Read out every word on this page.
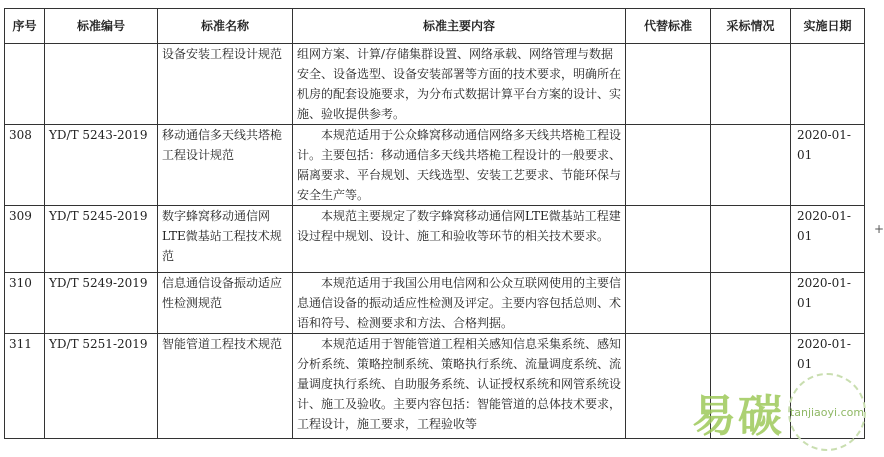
序号	标准编号	标准名称	标准主要内容	代替标准	采标情况	实施日期
		设备安装工程设计规范	组网方案、计算/存储集群设置、网络承载、网络管理与数据安全、设备选型、设备安装部署等方面的技术要求，明确所在机房的配套设施要求，为分布式数据计算平台方案的设计、实施、验收提供参考。			
308	YD/T 5243-2019	移动通信多天线共塔桅工程设计规范	本规范适用于公众蜂窝移动通信网络多天线共塔桅工程设计。主要包括：移动通信多天线共塔桅工程设计的一般要求、隔离要求、平台规划、天线选型、安装工艺要求、节能环保与安全生产等。			2020-01-01
309	YD/T 5245-2019	数字蜂窝移动通信网LTE微基站工程技术规范	本规范主要规定了数字蜂窝移动通信网LTE微基站工程建设过程中规划、设计、施工和验收等环节的相关技术要求。			2020-01-01
310	YD/T 5249-2019	信息通信设备振动适应性检测规范	本规范适用于我国公用电信网和公众互联网使用的主要信息通信设备的振动适应性检测及评定。主要内容包括总则、术语和符号、检测要求和方法、合格判据。			2020-01-01
311	YD/T 5251-2019	智能管道工程技术规范	本规范适用于智能管道工程相关感知信息采集系统、感知分析系统、策略控制系统、策略执行系统、流量调度系统、流量调度执行系统、自助服务系统、认证授权系统和网管系统设计、施工及验收。主要内容包括：智能管道的总体技术要求，工程设计，施工要求，工程验收等			2020-01-01
+
易碳 tanjiaoyi.com
